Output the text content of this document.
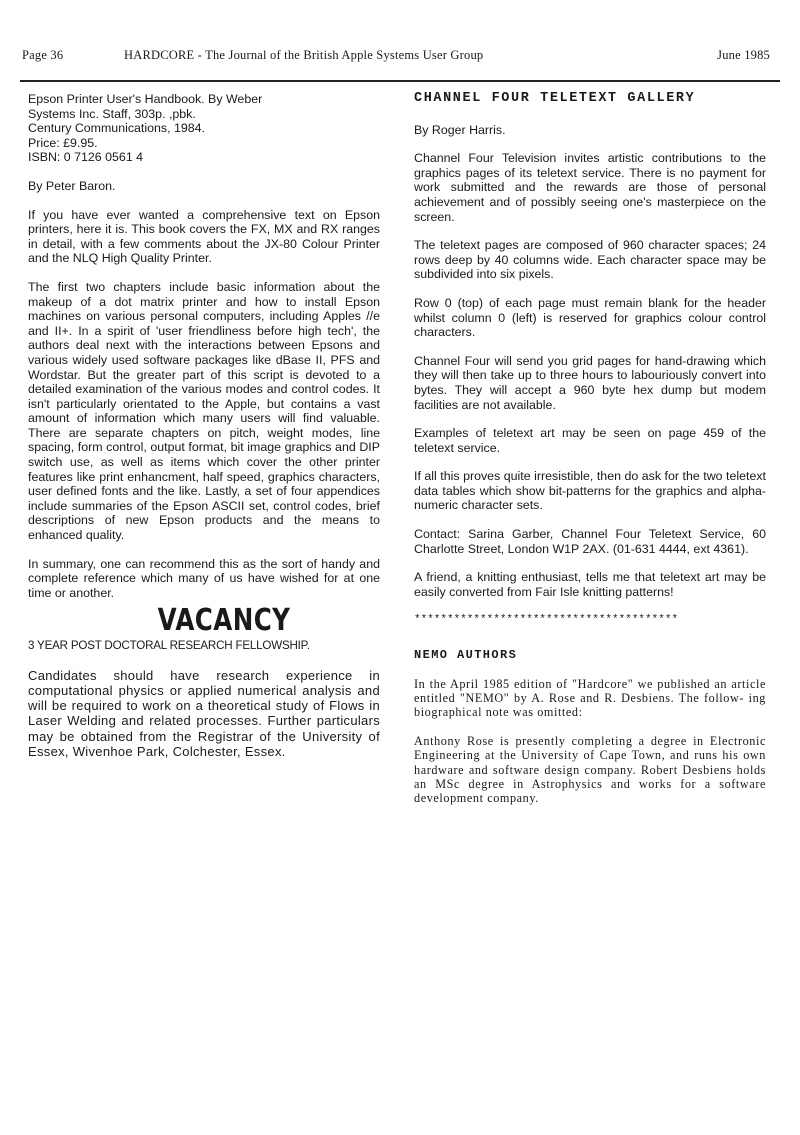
Page 36	HARDCORE - The Journal of the British Apple Systems User Group	June 1985

Epson Printer User's Handbook. By Weber
Systems Inc. Staff, 303p. ,pbk.
Century Communications, 1984.
Price: £9.95.
ISBN: 0 7126 0561 4

By Peter Baron.

If you have ever wanted a comprehensive text on Epson printers, here it is. This book covers the FX, MX and RX ranges in detail, with a few comments about the JX-80 Colour Printer and the NLQ High Quality Printer.

The first two chapters include basic information about the makeup of a dot matrix printer and how to install Epson machines on various personal computers, including Apples //e and II+. In a spirit of 'user friendliness before high tech', the authors deal next with the interactions between Epsons and various widely used software packages like dBase II, PFS and Wordstar. But the greater part of this script is devoted to a detailed examination of the various modes and control codes. It isn't particularly orientated to the Apple, but contains a vast amount of information which many users will find valuable. There are separate chapters on pitch, weight modes, line spacing, form control, output format, bit image graphics and DIP switch use, as well as items which cover the other printer features like print enhancment, half speed, graphics characters, user defined fonts and the like. Lastly, a set of four appendices include summaries of the Epson ASCII set, control codes, brief descriptions of new Epson products and the means to enhanced quality.

In summary, one can recommend this as the sort of handy and complete reference which many of us have wished for at one time or another.

VACANCY
3 YEAR POST DOCTORAL RESEARCH FELLOWSHIP.

Candidates should have research experience in computational physics or applied numerical analysis and will be required to work on a theoretical study of Flows in Laser Welding and related processes. Further particulars may be obtained from the Registrar of the University of Essex, Wivenhoe Park, Colchester, Essex.

CHANNEL FOUR TELETEXT GALLERY

By Roger Harris.

Channel Four Television invites artistic contributions to the graphics pages of its teletext service. There is no payment for work submitted and the rewards are those of personal achievement and of possibly seeing one's masterpiece on the screen.

The teletext pages are composed of 960 character spaces; 24 rows deep by 40 columns wide. Each character space may be subdivided into six pixels.

Row 0 (top) of each page must remain blank for the header whilst column 0 (left) is reserved for graphics colour control characters.

Channel Four will send you grid pages for hand-drawing which they will then take up to three hours to labouriously convert into bytes. They will accept a 960 byte hex dump but modem facilities are not available.

Examples of teletext art may be seen on page 459 of the teletext service.

If all this proves quite irresistible, then do ask for the two teletext data tables which show bit-patterns for the graphics and alpha-numeric character sets.

Contact: Sarina Garber, Channel Four Teletext Service, 60 Charlotte Street, London W1P 2AX. (01-631 4444, ext 4361).

A friend, a knitting enthusiast, tells me that teletext art may be easily converted from Fair Isle knitting patterns!

****************************************
NEMO AUTHORS

In the April 1985 edition of "Hardcore" we published an article entitled "NEMO" by A. Rose and R. Desbiens. The follow- ing biographical note was omitted:

Anthony Rose is presently completing a degree in Electronic Engineering at the University of Cape Town, and runs his own hardware and software design company. Robert Desbiens holds an MSc degree in Astrophysics and works for a software development company.
